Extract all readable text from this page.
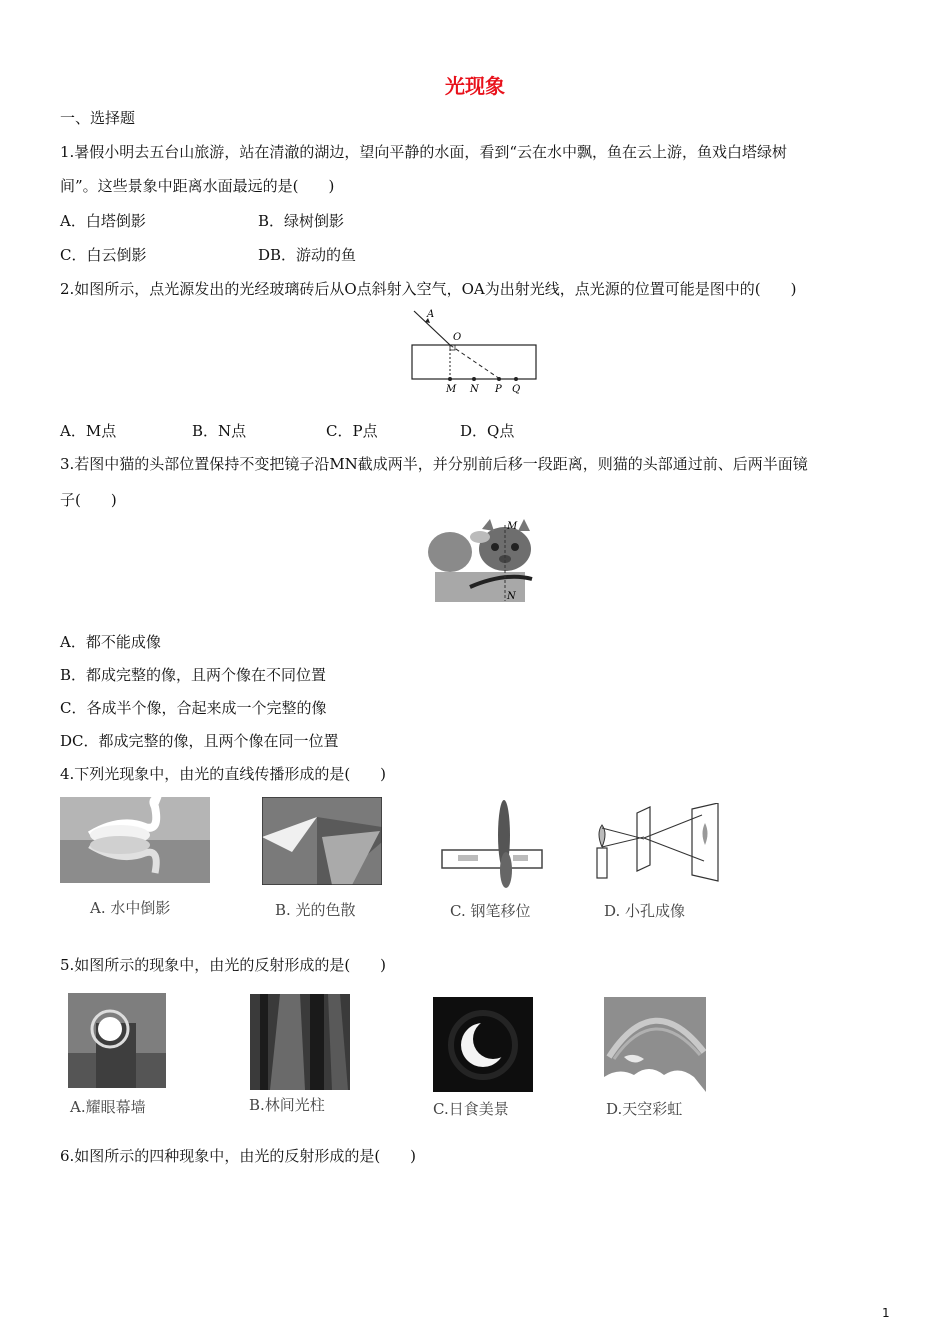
光现象
一、选择题
1.暑假小明去五台山旅游，站在清澈的湖边，望向平静的水面，看到“云在水中飘，鱼在云上游，鱼戏白塔绿树
间”。这些景象中距离水面最远的是(　　)
A．白塔倒影	B．绿树倒影
C．白云倒影	DB．游动的鱼
2.如图所示，点光源发出的光经玻璃砖后从O点斜射入空气，OA为出射光线，点光源的位置可能是图中的(　　)
A
O
M N P Q
A．M点	B．N点	C．P点	D．Q点
3.若图中猫的头部位置保持不变把镜子沿MN截成两半，并分别前后移一段距离，则猫的头部通过前、后两半面镜
子(　　)
M
N
A．都不能成像
B．都成完整的像，且两个像在不同位置
C．各成半个像，合起来成一个完整的像
DC．都成完整的像，且两个像在同一位置
4.下列光现象中，由光的直线传播形成的是(　　)
A. 水中倒影	B. 光的色散	C. 钢笔移位	D. 小孔成像
5.如图所示的现象中，由光的反射形成的是(　　)
A.耀眼幕墙	B.林间光柱	C.日食美景	D.天空彩虹
6.如图所示的四种现象中，由光的反射形成的是(　　)
1
